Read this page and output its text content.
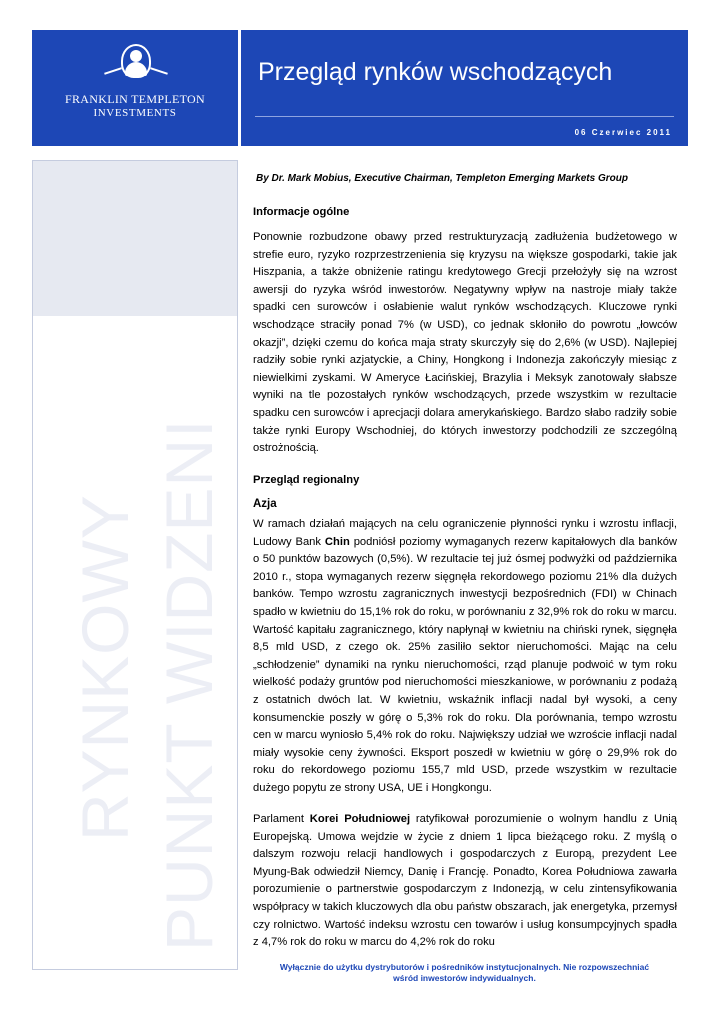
FRANKLIN TEMPLETON
INVESTMENTS
Przegląd rynków wschodzących
06 Czerwiec 2011
RYNKOWY PUNKT WIDZENI
By Dr. Mark Mobius, Executive Chairman, Templeton Emerging Markets Group
Informacje ogólne
Ponownie rozbudzone obawy przed restrukturyzacją zadłużenia budżetowego w strefie euro, ryzyko rozprzestrzenienia się kryzysu na większe gospodarki, takie jak Hiszpania, a także obniżenie ratingu kredytowego Grecji przełożyły się na wzrost awersji do ryzyka wśród inwestorów. Negatywny wpływ na nastroje miały także spadki cen surowców i osłabienie walut rynków wschodzących. Kluczowe rynki wschodzące straciły ponad 7% (w USD), co jednak skłoniło do powrotu „łowców okazji”, dzięki czemu do końca maja straty skurczyły się do 2,6% (w USD). Najlepiej radziły sobie rynki azjatyckie, a Chiny, Hongkong i Indonezja zakończyły miesiąc z niewielkimi zyskami. W Ameryce Łacińskiej, Brazylia i Meksyk zanotowały słabsze wyniki na tle pozostałych rynków wschodzących, przede wszystkim w rezultacie spadku cen surowców i aprecjacji dolara amerykańskiego. Bardzo słabo radziły sobie także rynki Europy Wschodniej, do których inwestorzy podchodzili ze szczególną ostrożnością.
Przegląd regionalny
Azja
W ramach działań mających na celu ograniczenie płynności rynku i wzrostu inflacji, Ludowy Bank Chin podniósł poziomy wymaganych rezerw kapitałowych dla banków o 50 punktów bazowych (0,5%). W rezultacie tej już ósmej podwyżki od października 2010 r., stopa wymaganych rezerw sięgnęła rekordowego poziomu 21% dla dużych banków. Tempo wzrostu zagranicznych inwestycji bezpośrednich (FDI) w Chinach spadło w kwietniu do 15,1% rok do roku, w porównaniu z 32,9% rok do roku w marcu. Wartość kapitału zagranicznego, który napłynął w kwietniu na chiński rynek, sięgnęła 8,5 mld USD, z czego ok. 25% zasiliło sektor nieruchomości. Mając na celu „schłodzenie” dynamiki na rynku nieruchomości, rząd planuje podwoić w tym roku wielkość podaży gruntów pod nieruchomości mieszkaniowe, w porównaniu z podażą z ostatnich dwóch lat. W kwietniu, wskaźnik inflacji nadal był wysoki, a ceny konsumenckie poszły w górę o 5,3% rok do roku. Dla porównania, tempo wzrostu cen w marcu wyniosło 5,4% rok do roku. Największy udział we wzroście inflacji nadal miały wysokie ceny żywności. Eksport poszedł w kwietniu w górę o 29,9% rok do roku do rekordowego poziomu 155,7 mld USD, przede wszystkim w rezultacie dużego popytu ze strony USA, UE i Hongkongu.
Parlament Korei Południowej ratyfikował porozumienie o wolnym handlu z Unią Europejską. Umowa wejdzie w życie z dniem 1 lipca bieżącego roku. Z myślą o dalszym rozwoju relacji handlowych i gospodarczych z Europą, prezydent Lee Myung-Bak odwiedził Niemcy, Danię i Francję. Ponadto, Korea Południowa zawarła porozumienie o partnerstwie gospodarczym z Indonezją, w celu zintensyfikowania współpracy w takich kluczowych dla obu państw obszarach, jak energetyka, przemysł czy rolnictwo. Wartość indeksu wzrostu cen towarów i usług konsumpcyjnych spadła z 4,7% rok do roku w marcu do 4,2% rok do roku
Wyłącznie do użytku dystrybutorów i pośredników instytucjonalnych. Nie rozpowszechniać
wśród inwestorów indywidualnych.
